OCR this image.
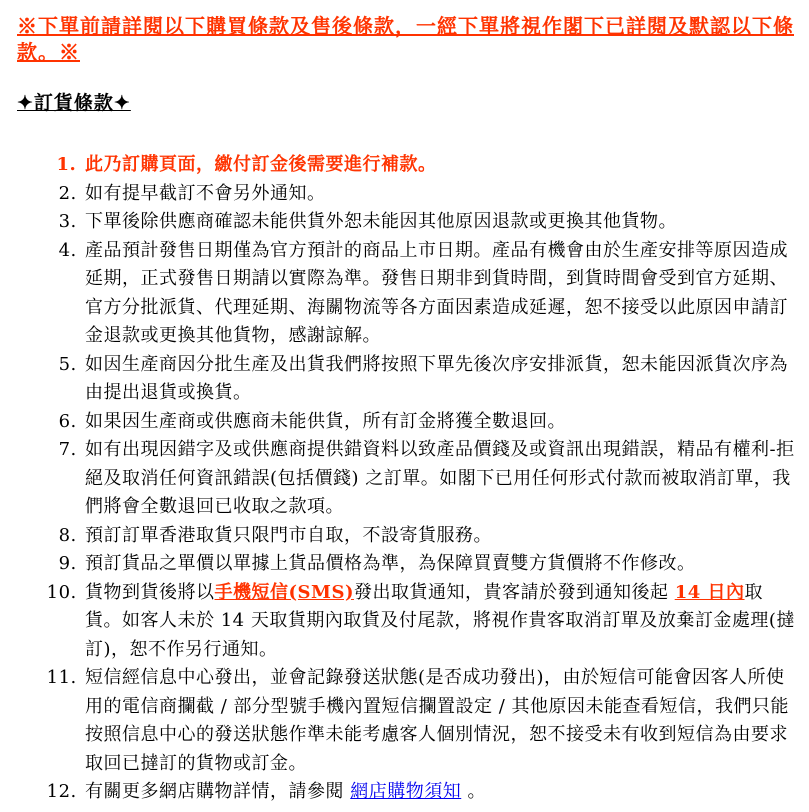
※下單前請詳閱以下購買條款及售後條款，一經下單將視作閣下已詳閱及默認以下條款。※
✦訂貨條款✦
1. 此乃訂購頁面，繳付訂金後需要進行補款。
2. 如有提早截訂不會另外通知。
3. 下單後除供應商確認未能供貨外恕未能因其他原因退款或更換其他貨物。
4. 產品預計發售日期僅為官方預計的商品上市日期。產品有機會由於生產安排等原因造成延期，正式發售日期請以實際為準。發售日期非到貨時間，到貨時間會受到官方延期、官方分批派貨、代理延期、海關物流等各方面因素造成延遲，恕不接受以此原因申請訂金退款或更換其他貨物，感謝諒解。
5. 如因生產商因分批生產及出貨我們將按照下單先後次序安排派貨，恕未能因派貨次序為由提出退貨或換貨。
6. 如果因生產商或供應商未能供貨，所有訂金將獲全數退回。
7. 如有出現因錯字及或供應商提供錯資料以致產品價錢及或資訊出現錯誤，精品有權利-拒絕及取消任何資訊錯誤(包括價錢) 之訂單。如閣下已用任何形式付款而被取消訂單，我們將會全數退回已收取之款項。
8. 預訂訂單香港取貨只限門市自取，不設寄貨服務。
9. 預訂貨品之單價以單據上貨品價格為準，為保障買賣雙方貨價將不作修改。
10. 貨物到貨後將以手機短信(SMS)發出取貨通知，貴客請於發到通知後起 14 日內取貨。如客人未於 14 天取貨期內取貨及付尾款，將視作貴客取消訂單及放棄訂金處理(撻訂)，恕不作另行通知。
11. 短信經信息中心發出，並會記錄發送狀態(是否成功發出)，由於短信可能會因客人所使用的電信商攔截 / 部分型號手機內置短信攔置設定 / 其他原因未能查看短信，我們只能按照信息中心的發送狀態作準未能考慮客人個別情況，恕不接受未有收到短信為由要求取回已撻訂的貨物或訂金。
12. 有關更多網店購物詳情，請參閱 網店購物須知 。
